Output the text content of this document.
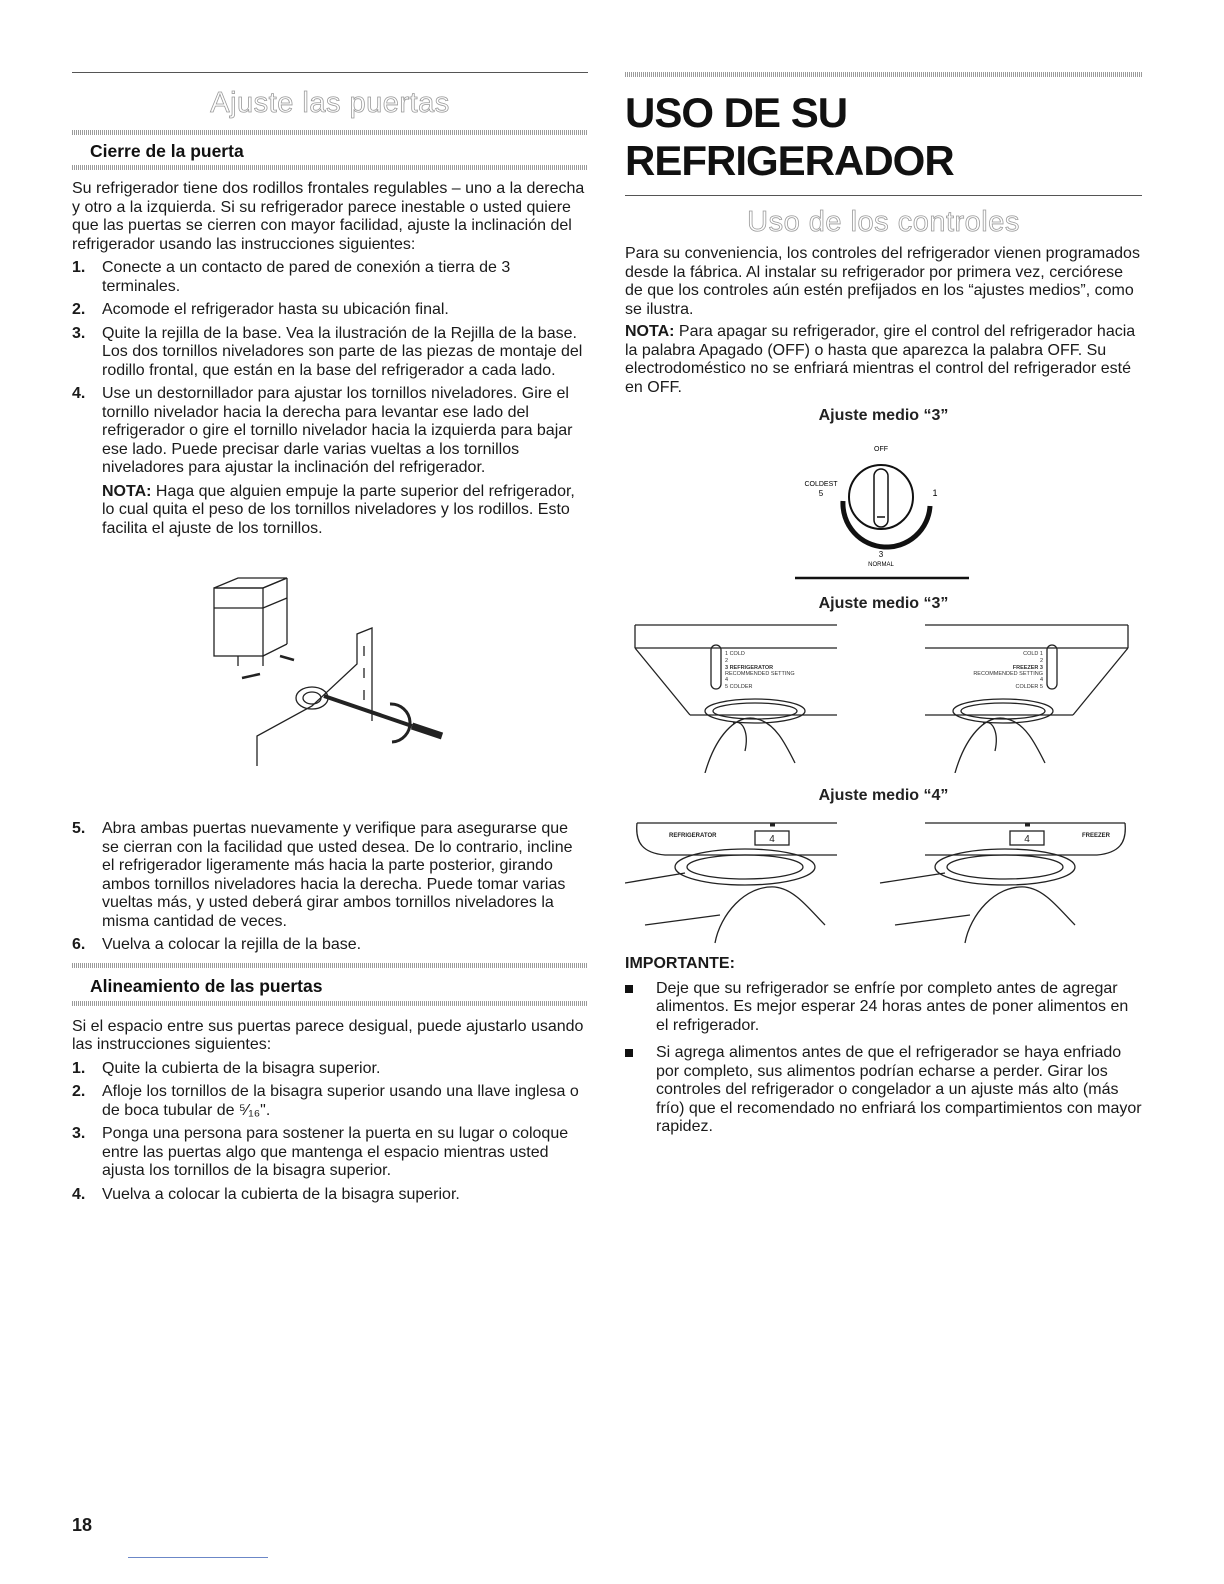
Ajuste las puertas
Cierre de la puerta

Su refrigerador tiene dos rodillos frontales regulables – uno a la derecha y otro a la izquierda. Si su refrigerador parece inestable o usted quiere que las puertas se cierren con mayor facilidad, ajuste la inclinación del refrigerador usando las instrucciones siguientes:

1. Conecte a un contacto de pared de conexión a tierra de 3 terminales.
2. Acomode el refrigerador hasta su ubicación final.
3. Quite la rejilla de la base. Vea la ilustración de la Rejilla de la base. Los dos tornillos niveladores son parte de las piezas de montaje del rodillo frontal, que están en la base del refrigerador a cada lado.
4. Use un destornillador para ajustar los tornillos niveladores. Gire el tornillo nivelador hacia la derecha para levantar ese lado del refrigerador o gire el tornillo nivelador hacia la izquierda para bajar ese lado. Puede precisar darle varias vueltas a los tornillos niveladores para ajustar la inclinación del refrigerador.

NOTA: Haga que alguien empuje la parte superior del refrigerador, lo cual quita el peso de los tornillos niveladores y los rodillos. Esto facilita el ajuste de los tornillos.

5. Abra ambas puertas nuevamente y verifique para asegurarse que se cierran con la facilidad que usted desea. De lo contrario, incline el refrigerador ligeramente más hacia la parte posterior, girando ambos tornillos niveladores hacia la derecha. Puede tomar varias vueltas más, y usted deberá girar ambos tornillos niveladores la misma cantidad de veces.
6. Vuelva a colocar la rejilla de la base.
Alineamiento de las puertas

Si el espacio entre sus puertas parece desigual, puede ajustarlo usando las instrucciones siguientes:

1. Quite la cubierta de la bisagra superior.
2. Afloje los tornillos de la bisagra superior usando una llave inglesa o de boca tubular de ⁵⁄₁₆".
3. Ponga una persona para sostener la puerta en su lugar o coloque entre las puertas algo que mantenga el espacio mientras usted ajusta los tornillos de la bisagra superior.
4. Vuelva a colocar la cubierta de la bisagra superior.
USO DE SU REFRIGERADOR
Uso de los controles

Para su conveniencia, los controles del refrigerador vienen programados desde la fábrica. Al instalar su refrigerador por primera vez, cerciórese de que los controles aún estén prefijados en los “ajustes medios”, como se ilustra.

NOTA: Para apagar su refrigerador, gire el control del refrigerador hacia la palabra Apagado (OFF) o hasta que aparezca la palabra OFF. Su electrodoméstico no se enfriará mientras el control del refrigerador esté en OFF.

Ajuste medio “3”
OFF
COLDEST
5	1
3
NORMAL
Ajuste medio “3”
1 COLD
2
3 REFRIGERATOR
RECOMMENDED SETTING
4
5 COLDER
COLD 1
2
FREEZER 3
RECOMMENDED SETTING
4
COLDER 5
Ajuste medio “4”
REFRIGERATOR	4	FREEZER
4

IMPORTANTE:

Deje que su refrigerador se enfríe por completo antes de agregar alimentos. Es mejor esperar 24 horas antes de poner alimentos en el refrigerador.
Si agrega alimentos antes de que el refrigerador se haya enfriado por completo, sus alimentos podrían echarse a perder. Girar los controles del refrigerador o congelador a un ajuste más alto (más frío) que el recomendado no enfriará los compartimientos con mayor rapidez.
18
